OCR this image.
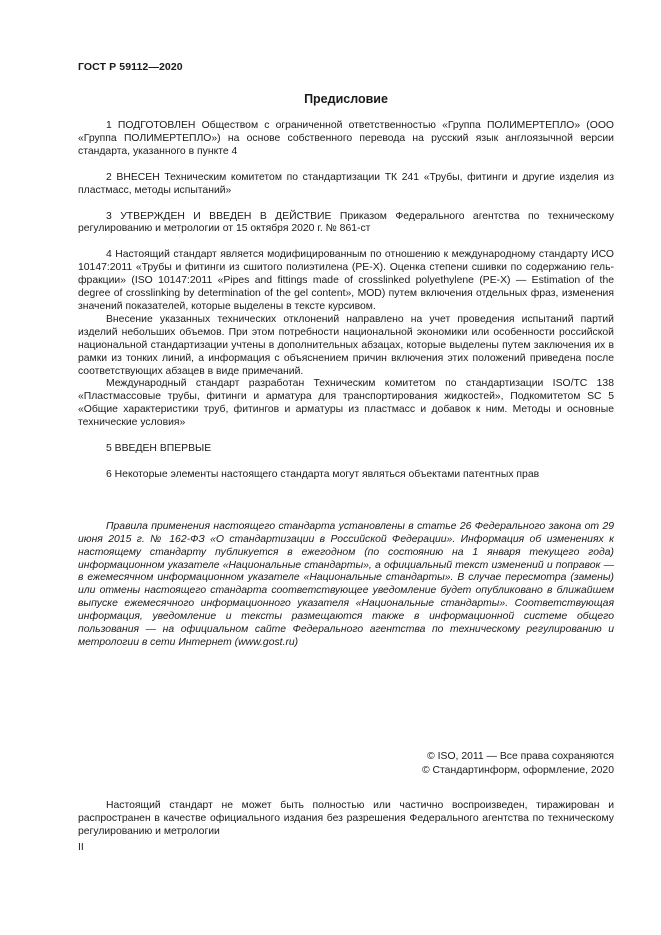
ГОСТ Р 59112—2020
Предисловие

1 ПОДГОТОВЛЕН Обществом с ограниченной ответственностью «Группа ПОЛИМЕРТЕПЛО» (ООО «Группа ПОЛИМЕРТЕПЛО») на основе собственного перевода на русский язык англоязычной версии стандарта, указанного в пункте 4

2 ВНЕСЕН Техническим комитетом по стандартизации ТК 241 «Трубы, фитинги и другие изделия из пластмасс, методы испытаний»

3 УТВЕРЖДЕН И ВВЕДЕН В ДЕЙСТВИЕ Приказом Федерального агентства по техническому регулированию и метрологии от 15 октября 2020 г. № 861-ст

4 Настоящий стандарт является модифицированным по отношению к международному стандарту ИСО 10147:2011 «Трубы и фитинги из сшитого полиэтилена (PE-X). Оценка степени сшивки по содержанию гель-фракции» (ISO 10147:2011 «Pipes and fittings made of crosslinked polyethylene (PE-X) — Estimation of the degree of crosslinking by determination of the gel content», MOD) путем включения отдельных фраз, изменения значений показателей, которые выделены в тексте курсивом.

Внесение указанных технических отклонений направлено на учет проведения испытаний партий изделий небольших объемов. При этом потребности национальной экономики или особенности российской национальной стандартизации учтены в дополнительных абзацах, которые выделены путем заключения их в рамки из тонких линий, а информация с объяснением причин включения этих положений приведена после соответствующих абзацев в виде примечаний.

Международный стандарт разработан Техническим комитетом по стандартизации ISO/TC 138 «Пластмассовые трубы, фитинги и арматура для транспортирования жидкостей», Подкомитетом SC 5 «Общие характеристики труб, фитингов и арматуры из пластмасс и добавок к ним. Методы и основные технические условия»

5 ВВЕДЕН ВПЕРВЫЕ

6 Некоторые элементы настоящего стандарта могут являться объектами патентных прав

Правила применения настоящего стандарта установлены в статье 26 Федерального закона от 29 июня 2015 г. № 162-ФЗ «О стандартизации в Российской Федерации». Информация об изменениях к настоящему стандарту публикуется в ежегодном (по состоянию на 1 января текущего года) информационном указателе «Национальные стандарты», а официальный текст изменений и поправок — в ежемесячном информационном указателе «Национальные стандарты». В случае пересмотра (замены) или отмены настоящего стандарта соответствующее уведомление будет опубликовано в ближайшем выпуске ежемесячного информационного указателя «Национальные стандарты». Соответствующая информация, уведомление и тексты размещаются также в информационной системе общего пользования — на официальном сайте Федерального агентства по техническому регулированию и метрологии в сети Интернет (www.gost.ru)

© ISO, 2011 — Все права сохраняются
© Стандартинформ, оформление, 2020

Настоящий стандарт не может быть полностью или частично воспроизведен, тиражирован и распространен в качестве официального издания без разрешения Федерального агентства по техническому регулированию и метрологии

II
